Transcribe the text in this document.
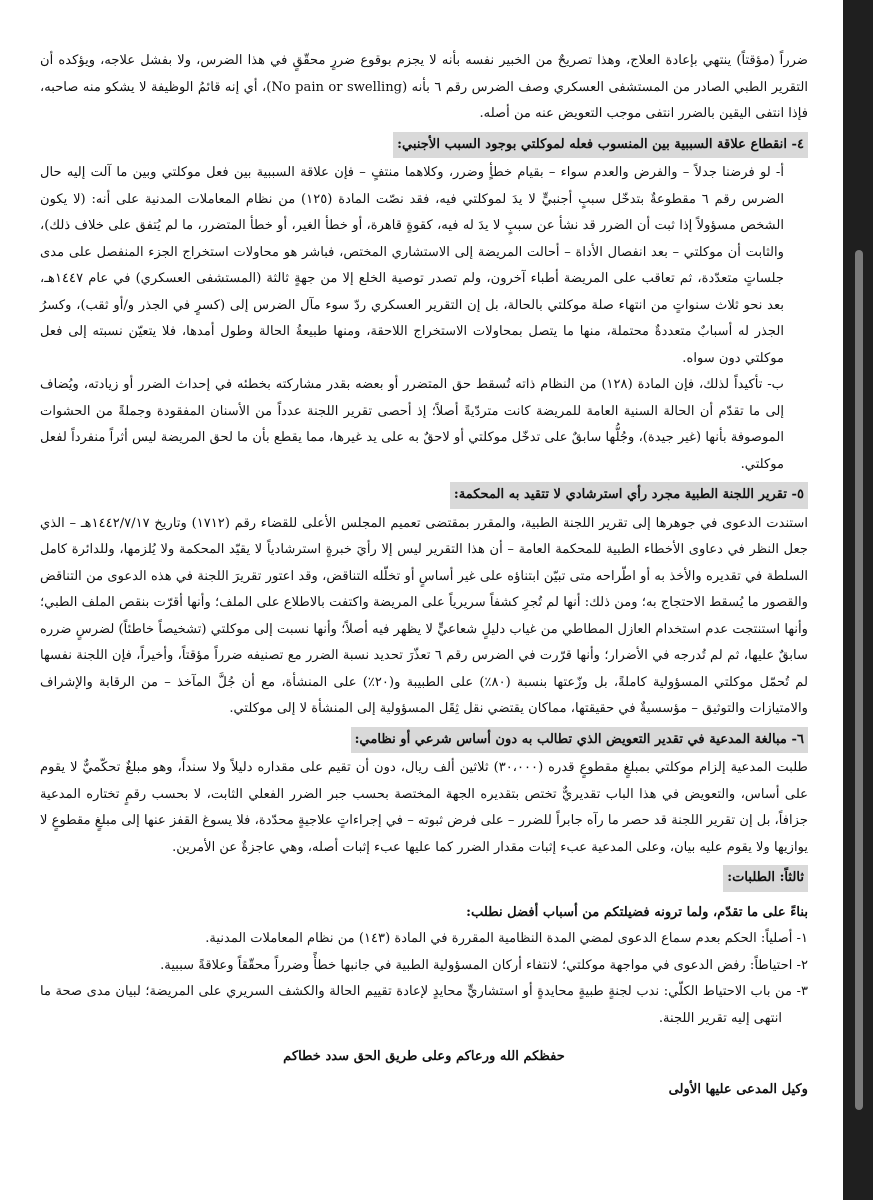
ضرراً (مؤقتاً) ينتهي بإعادة العلاج، وهذا تصريحٌ من الخبير نفسه بأنه لا يجزم بوقوع ضررٍ محقّقٍ في هذا الضرس، ولا بفشل علاجه، ويؤكده أن التقرير الطبي الصادر من المستشفى العسكري وصف الضرس رقم ٦ بأنه (No pain or swelling)، أي إنه قائمُ الوظيفة لا يشكو منه صاحبه، فإذا انتفى اليقين بالضرر انتفى موجب التعويض عنه من أصله.

٤- انقطاع علاقة السببية بين المنسوب فعله لموكلتي بوجود السبب الأجنبي:

أ- لو فرضنا جدلاً – والفرض والعدم سواء – بقيام خطأٍ وضرر، وكلاهما منتفٍ – فإن علاقة السببية بين فعل موكلتي وبين ما آلت إليه حال الضرس رقم ٦ مقطوعةٌ بتدخّل سببٍ أجنبيٍّ لا يدَ لموكلتي فيه، فقد نصّت المادة (١٢٥) من نظام المعاملات المدنية على أنه: (لا يكون الشخص مسؤولاً إذا ثبت أن الضرر قد نشأ عن سببٍ لا يدَ له فيه، كقوةٍ قاهرة، أو خطأ الغير، أو خطأ المتضرر، ما لم يُتفق على خلاف ذلك)، والثابت أن موكلتي – بعد انفصال الأداة – أحالت المريضة إلى الاستشاري المختص، فباشر هو محاولات استخراج الجزء المنفصل على مدى جلساتٍ متعدّدة، ثم تعاقب على المريضة أطباء آخرون، ولم تصدر توصية الخلع إلا من جهةٍ ثالثة (المستشفى العسكري) في عام ١٤٤٧هـ، بعد نحو ثلاث سنواتٍ من انتهاء صلة موكلتي بالحالة، بل إن التقرير العسكري ردّ سوء مآل الضرس إلى (كسرٍ في الجذر و/أو ثقب)، وكسرُ الجذر له أسبابٌ متعددةٌ محتملة، منها ما يتصل بمحاولات الاستخراج اللاحقة، ومنها طبيعةُ الحالة وطول أمدها، فلا يتعيّن نسبته إلى فعل موكلتي دون سواه.

ب- تأكيداً لذلك، فإن المادة (١٢٨) من النظام ذاته تُسقط حق المتضرر أو بعضه بقدر مشاركته بخطئه في إحداث الضرر أو زيادته، ويُضاف إلى ما تقدّم أن الحالة السنية العامة للمريضة كانت متردّيةً أصلاً؛ إذ أحصى تقرير اللجنة عدداً من الأسنان المفقودة وجملةً من الحشوات الموصوفة بأنها (غير جيدة)، وجُلُّها سابقٌ على تدخّل موكلتي أو لاحقٌ به على يد غيرها، مما يقطع بأن ما لحق المريضة ليس أثراً منفرداً لفعل موكلتي.

٥- تقرير اللجنة الطبية مجرد رأي استرشادي لا تتقيد به المحكمة:

استندت الدعوى في جوهرها إلى تقرير اللجنة الطبية، والمقرر بمقتضى تعميم المجلس الأعلى للقضاء رقم (١٧١٢) وتاريخ ١٤٤٢/٧/١٧هـ – الذي جعل النظر في دعاوى الأخطاء الطبية للمحكمة العامة – أن هذا التقرير ليس إلا رأيَ خبرةٍ استرشادياً لا يقيّد المحكمة ولا يُلزمها، وللدائرة كامل السلطة في تقديره والأخذ به أو اطّراحه متى تبيّن ابتناؤه على غير أساسٍ أو تخلّله التناقض، وقد اعتور تقريرَ اللجنة في هذه الدعوى من التناقض والقصور ما يُسقط الاحتجاج به؛ ومن ذلك: أنها لم تُجرِ كشفاً سريرياً على المريضة واكتفت بالاطلاع على الملف؛ وأنها أقرّت بنقص الملف الطبي؛ وأنها استنتجت عدم استخدام العازل المطاطي من غياب دليلٍ شعاعيٍّ لا يظهر فيه أصلاً؛ وأنها نسبت إلى موكلتي (تشخيصاً خاطئاً) لضرسٍ ضرره سابقٌ عليها، ثم لم تُدرجه في الأضرار؛ وأنها قرّرت في الضرس رقم ٦ تعذّرَ تحديد نسبة الضرر مع تصنيفه ضرراً مؤقتاً، وأخيراً، فإن اللجنة نفسها لم تُحمّل موكلتي المسؤولية كاملةً، بل وزّعتها بنسبة (٨٠٪) على الطبيبة و(٢٠٪) على المنشأة، مع أن جُلَّ المآخذ – من الرقابة والإشراف والامتيازات والتوثيق – مؤسسيةٌ في حقيقتها، مماكان يقتضي نقل ثِقَل المسؤولية إلى المنشأة لا إلى موكلتي.

٦- مبالغة المدعية في تقدير التعويض الذي تطالب به دون أساس شرعي أو نظامي:

طلبت المدعية إلزام موكلتي بمبلغٍ مقطوعٍ قدره (٣٠،٠٠٠) ثلاثين ألف ريال، دون أن تقيم على مقداره دليلاً ولا سنداً، وهو مبلغٌ تحكّميٌّ لا يقوم على أساس، والتعويض في هذا الباب تقديريٌّ تختص بتقديره الجهة المختصة بحسب جبر الضرر الفعلي الثابت، لا بحسب رقمٍ تختاره المدعية جزافاً، بل إن تقرير اللجنة قد حصر ما رآه جابراً للضرر – على فرض ثبوته – في إجراءاتٍ علاجيةٍ محدّدة، فلا يسوغ القفز عنها إلى مبلغٍ مقطوعٍ لا يوازيها ولا يقوم عليه بيان، وعلى المدعية عبء إثبات مقدار الضرر كما عليها عبء إثبات أصله، وهي عاجزةٌ عن الأمرين.

ثالثاً: الطلبات:

بناءً على ما تقدّم، ولما ترونه فضيلتكم من أسباب أفضل نطلب:

١- أصلياً: الحكم بعدم سماع الدعوى لمضي المدة النظامية المقررة في المادة (١٤٣) من نظام المعاملات المدنية.

٢- احتياطاً: رفض الدعوى في مواجهة موكلتي؛ لانتفاء أركان المسؤولية الطبية في جانبها خطأً وضرراً محقّقاً وعلاقةً سببية.

٣- من باب الاحتياط الكلّي: ندب لجنةٍ طبيةٍ محايدةٍ أو استشاريٍّ محايدٍ لإعادة تقييم الحالة والكشف السريري على المريضة؛ لبيان مدى صحة ما انتهى إليه تقرير اللجنة.

حفظكم الله ورعاكم وعلى طريق الحق سدد خطاكم

وكيل المدعى عليها الأولى
